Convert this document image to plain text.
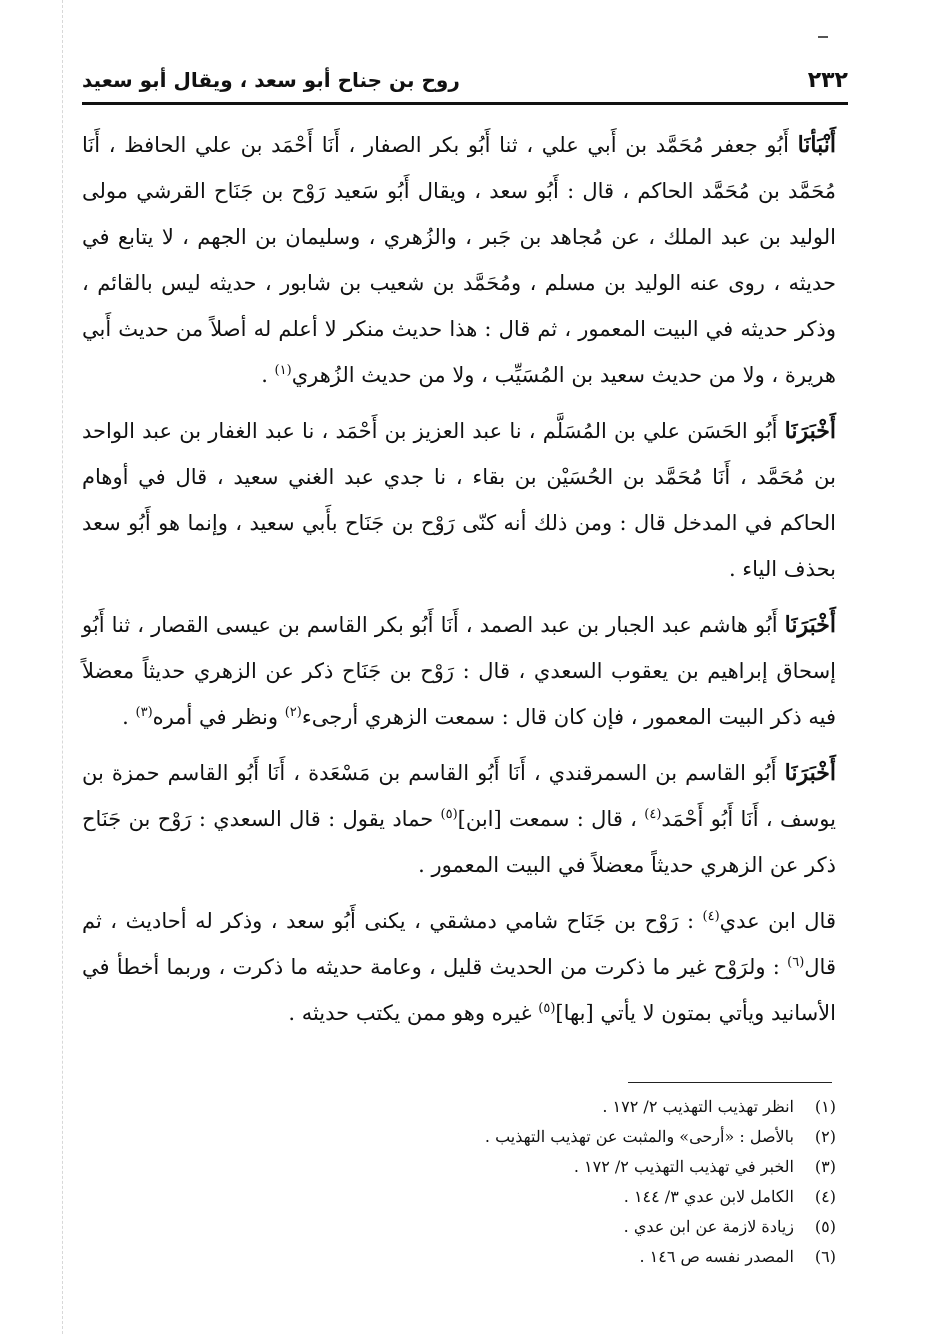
٢٣٢
روح بن جناح أبو سعد ، ويقال أبو سعيد

أَنْبَأنَا أَبُو جعفر مُحَمَّد بن أَبي علي ، ثنا أَبُو بكر الصفار ، أَنَا أَحْمَد بن علي الحافظ ، أَنَا مُحَمَّد بن مُحَمَّد الحاكم ، قال : أَبُو سعد ، ويقال أَبُو سَعيد رَوْح بن جَنَاح القرشي مولى الوليد بن عبد الملك ، عن مُجاهد بن جَبر ، والزُهري ، وسليمان بن الجهم ، لا يتابع في حديثه ، روى عنه الوليد بن مسلم ، ومُحَمَّد بن شعيب بن شابور ، حديثه ليس بالقائم ، وذكر حديثه في البيت المعمور ، ثم قال : هذا حديث منكر لا أعلم له أصلاً من حديث أَبي هريرة ، ولا من حديث سعيد بن المُسَيِّب ، ولا من حديث الزُهري$^{(١)}$ .

أَخْبَرَنَا أَبُو الحَسَن علي بن المُسَلَّم ، نا عبد العزيز بن أَحْمَد ، نا عبد الغفار بن عبد الواحد بن مُحَمَّد ، أَنَا مُحَمَّد بن الحُسَيْن بن بقاء ، نا جدي عبد الغني سعيد ، قال في أوهام الحاكم في المدخل قال : ومن ذلك أنه كنّى رَوْح بن جَنَاح بأَبي سعيد ، وإنما هو أَبُو سعد بحذف الياء .

أَخْبَرَنَا أَبُو هاشم عبد الجبار بن عبد الصمد ، أَنَا أَبُو بكر القاسم بن عيسى القصار ، ثنا أَبُو إسحاق إبراهيم بن يعقوب السعدي ، قال : رَوْح بن جَنَاح ذكر عن الزهري حديثاً معضلاً فيه ذكر البيت المعمور ، فإن كان قال : سمعت الزهري أرجىء$^{(٢)}$ ونظر في أمره$^{(٣)}$ .

أَخْبَرَنَا أَبُو القاسم بن السمرقندي ، أَنَا أَبُو القاسم بن مَسْعَدة ، أَنَا أَبُو القاسم حمزة بن يوسف ، أَنَا أَبُو أَحْمَد$^{(٤)}$ ، قال : سمعت [ابن]$^{(٥)}$ حماد يقول : قال السعدي : رَوْح بن جَنَاح ذكر عن الزهري حديثاً معضلاً في البيت المعمور .

قال ابن عدي$^{(٤)}$ : رَوْح بن جَنَاح شامي دمشقي ، يكنى أَبُو سعد ، وذكر له أحاديث ، ثم قال$^{(٦)}$ : ولرَوْح غير ما ذكرت من الحديث قليل ، وعامة حديثه ما ذكرت ، وربما أخطأ في الأسانيد ويأتي بمتون لا يأتي [بها]$^{(٥)}$ غيره وهو ممن يكتب حديثه .

(١)
انظر تهذيب التهذيب ٢/ ١٧٢ .
(٢)
بالأصل : «أرحى» والمثبت عن تهذيب التهذيب .
(٣)
الخبر في تهذيب التهذيب ٢/ ١٧٢ .
(٤)
الكامل لابن عدي ٣/ ١٤٤ .
(٥)
زيادة لازمة عن ابن عدي .
(٦)
المصدر نفسه ص ١٤٦ .
